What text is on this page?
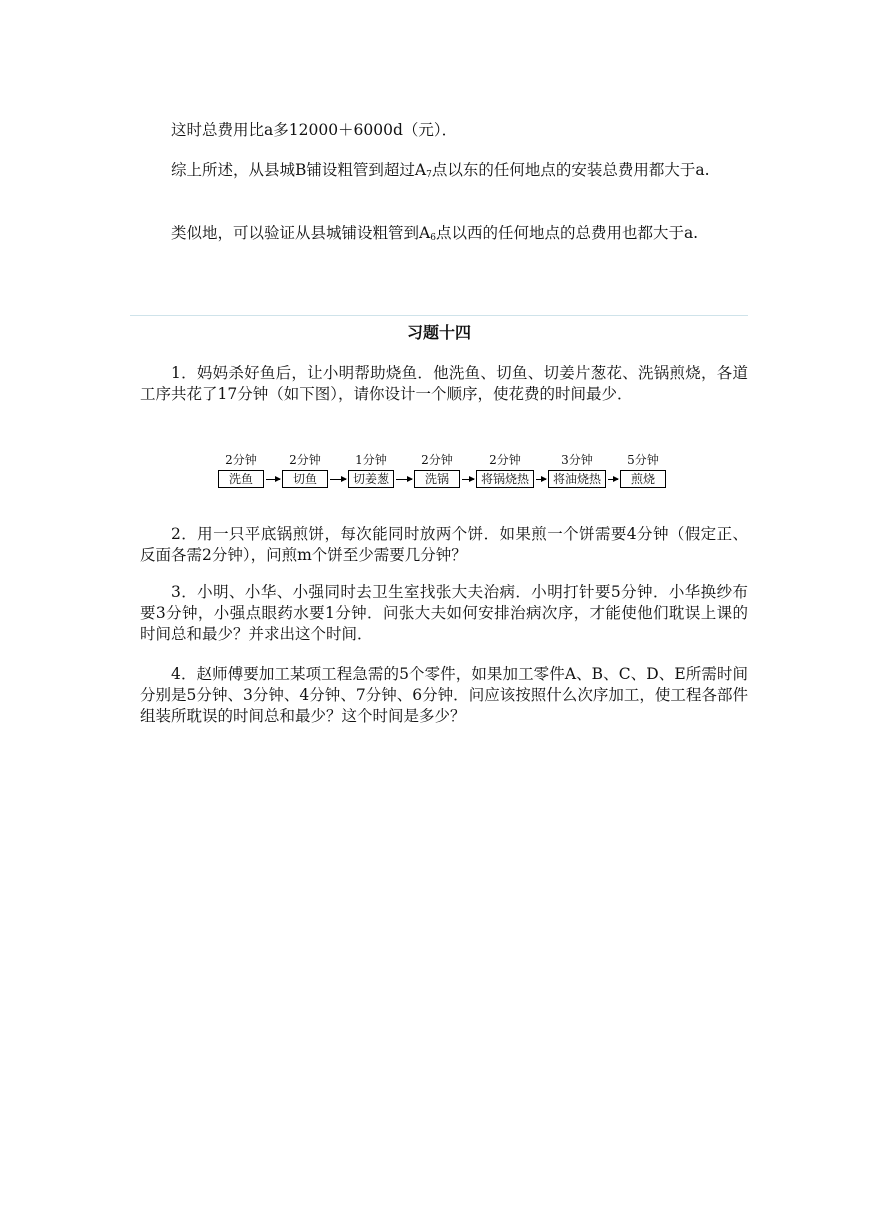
这时总费用比a多12000＋6000d（元）．

综上所述，从县城B铺设粗管到超过$A_7$点以东的任何地点的安装总费用都大于a.

类似地，可以验证从县城铺设粗管到$A_6$点以西的任何地点的总费用也都大于a.

习题十四

1．妈妈杀好鱼后，让小明帮助烧鱼．他洗鱼、切鱼、切姜片葱花、洗锅煎烧，各道工序共花了17分钟（如下图），请你设计一个顺序，使花费的时间最少．

2分钟
洗鱼
2分钟
切鱼
1分钟
切姜葱
2分钟
洗锅
2分钟
将锅烧热
3分钟
将油烧热
5分钟
煎烧

2．用一只平底锅煎饼，每次能同时放两个饼．如果煎一个饼需要4分钟（假定正、反面各需2分钟），问煎m个饼至少需要几分钟？

3．小明、小华、小强同时去卫生室找张大夫治病．小明打针要5分钟．小华换纱布要3分钟，小强点眼药水要1分钟．问张大夫如何安排治病次序，才能使他们耽误上课的时间总和最少？并求出这个时间．

4．赵师傅要加工某项工程急需的5个零件，如果加工零件A、B、C、D、E所需时间分别是5分钟、3分钟、4分钟、7分钟、6分钟．问应该按照什么次序加工，使工程各部件组装所耽误的时间总和最少？这个时间是多少？
